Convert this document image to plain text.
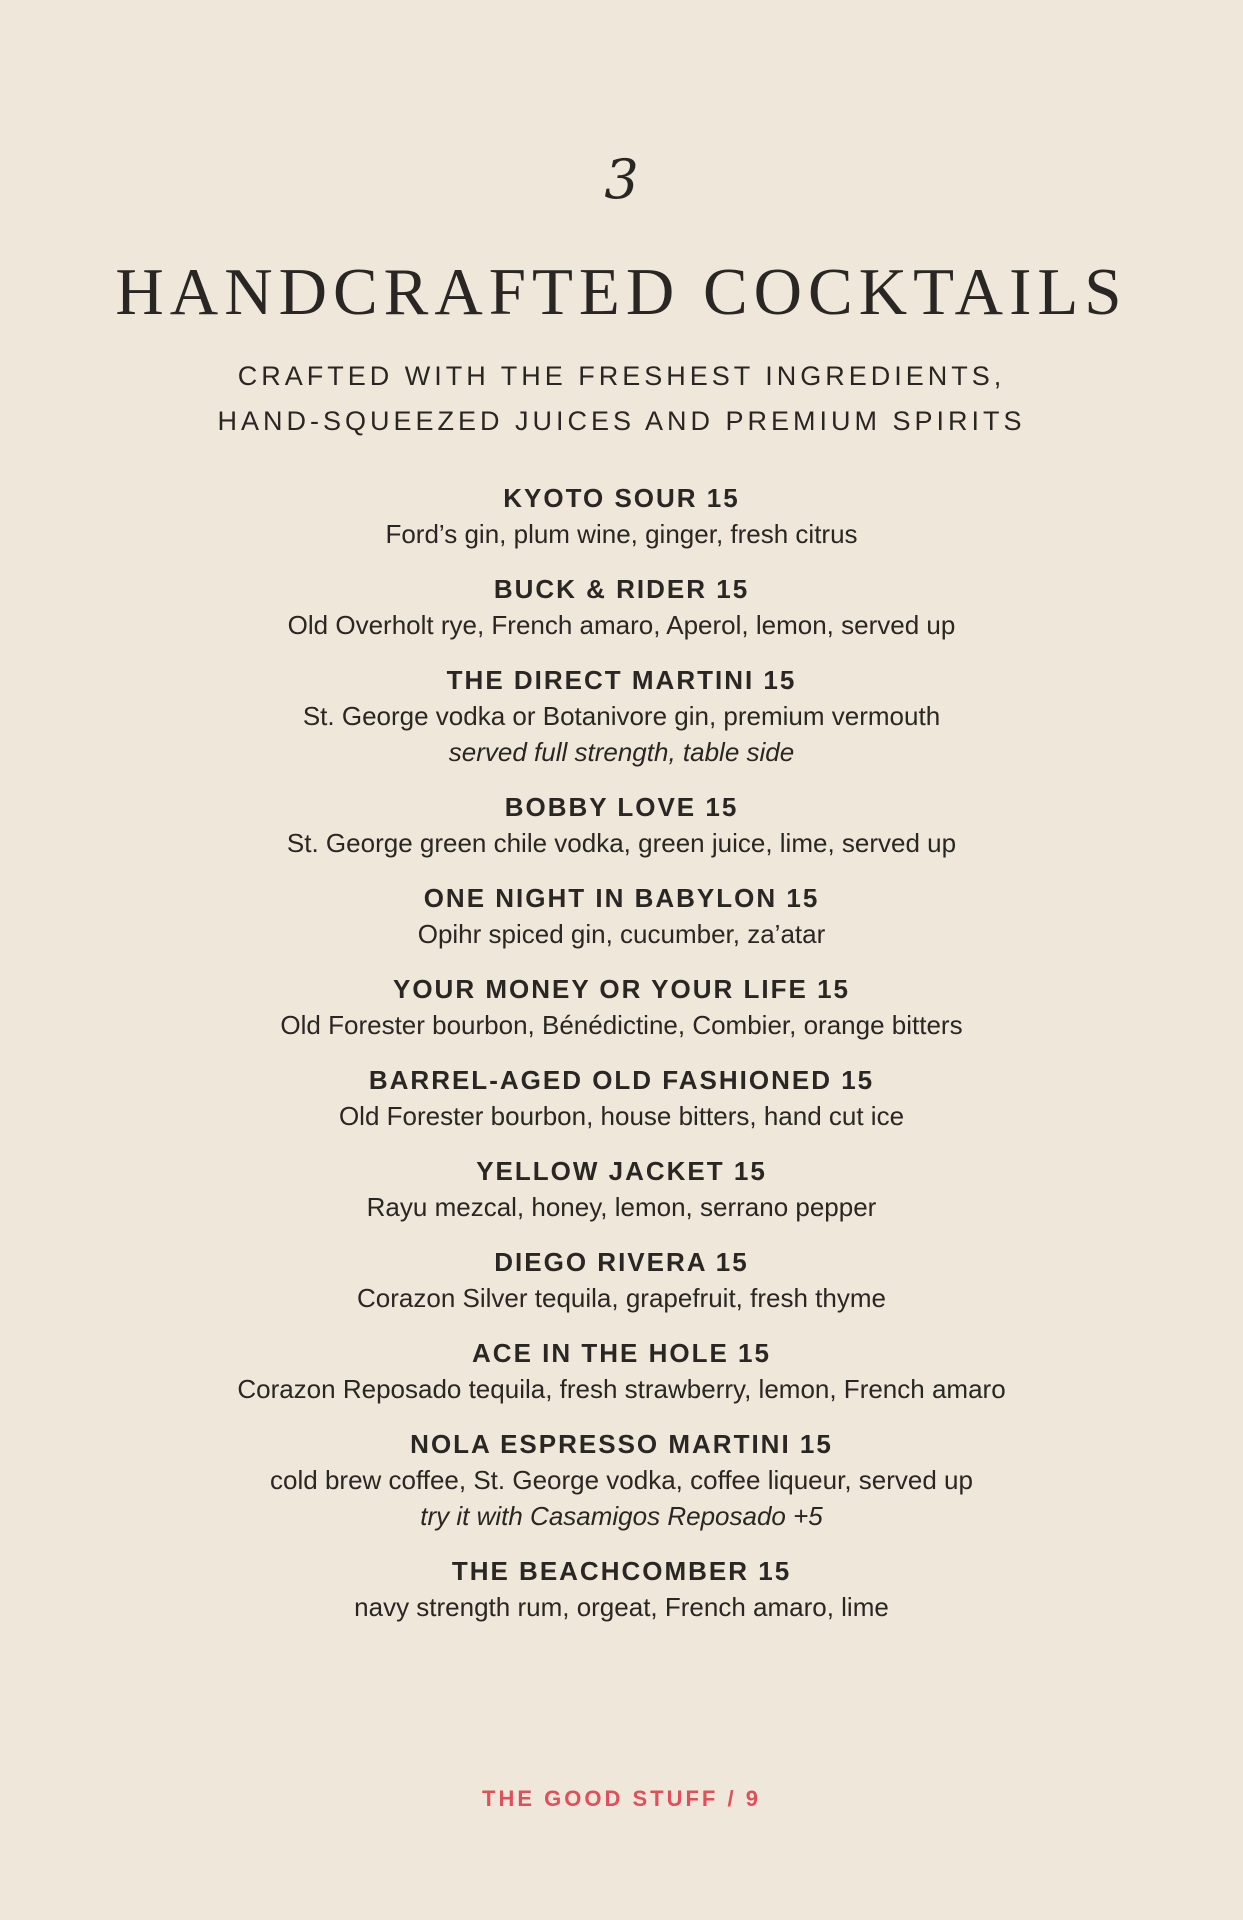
3
HANDCRAFTED COCKTAILS
CRAFTED WITH THE FRESHEST INGREDIENTS,
HAND-SQUEEZED JUICES AND PREMIUM SPIRITS
KYOTO SOUR 15
Ford’s gin, plum wine, ginger, fresh citrus
BUCK & RIDER 15
Old Overholt rye, French amaro, Aperol, lemon, served up
THE DIRECT MARTINI 15
St. George vodka or Botanivore gin, premium vermouth
served full strength, table side
BOBBY LOVE 15
St. George green chile vodka, green juice, lime, served up
ONE NIGHT IN BABYLON 15
Opihr spiced gin, cucumber, za’atar
YOUR MONEY OR YOUR LIFE 15
Old Forester bourbon, Bénédictine, Combier, orange bitters
BARREL-AGED OLD FASHIONED 15
Old Forester bourbon, house bitters, hand cut ice
YELLOW JACKET 15
Rayu mezcal, honey, lemon, serrano pepper
DIEGO RIVERA 15
Corazon Silver tequila, grapefruit, fresh thyme
ACE IN THE HOLE 15
Corazon Reposado tequila, fresh strawberry, lemon, French amaro
NOLA ESPRESSO MARTINI 15
cold brew coffee, St. George vodka, coffee liqueur, served up
try it with Casamigos Reposado +5
THE BEACHCOMBER 15
navy strength rum, orgeat, French amaro, lime
THE GOOD STUFF / 9
